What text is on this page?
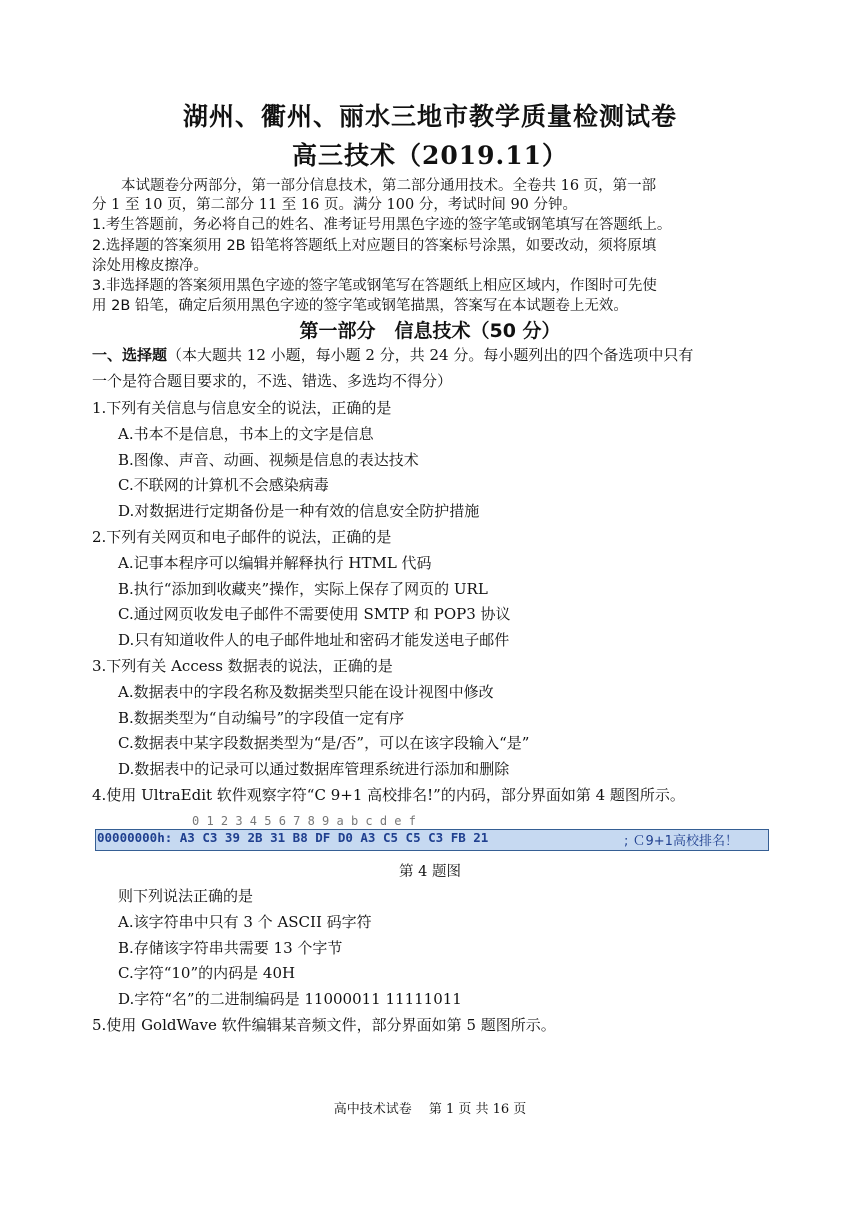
湖州、衢州、丽水三地市教学质量检测试卷
高三技术（2019.11）
　　本试题卷分两部分，第一部分信息技术，第二部分通用技术。全卷共 16 页，第一部
分 1 至 10 页，第二部分 11 至 16 页。满分 100 分，考试时间 90 分钟。
1.考生答题前，务必将自己的姓名、准考证号用黑色字迹的签字笔或钢笔填写在答题纸上。
2.选择题的答案须用 2B 铅笔将答题纸上对应题目的答案标号涂黑，如要改动，须将原填
涂处用橡皮擦净。
3.非选择题的答案须用黑色字迹的签字笔或钢笔写在答题纸上相应区域内，作图时可先使
用 2B 铅笔，确定后须用黑色字迹的签字笔或钢笔描黑，答案写在本试题卷上无效。
第一部分　信息技术（50 分）
一、选择题（本大题共 12 小题，每小题 2 分，共 24 分。每小题列出的四个备选项中只有
一个是符合题目要求的，不选、错选、多选均不得分）
1.下列有关信息与信息安全的说法，正确的是
A.书本不是信息，书本上的文字是信息
B.图像、声音、动画、视频是信息的表达技术
C.不联网的计算机不会感染病毒
D.对数据进行定期备份是一种有效的信息安全防护措施
2.下列有关网页和电子邮件的说法，正确的是
A.记事本程序可以编辑并解释执行 HTML 代码
B.执行“添加到收藏夹”操作，实际上保存了网页的 URL
C.通过网页收发电子邮件不需要使用 SMTP 和 POP3 协议
D.只有知道收件人的电子邮件地址和密码才能发送电子邮件
3.下列有关 Access 数据表的说法，正确的是
A.数据表中的字段名称及数据类型只能在设计视图中修改
B.数据类型为“自动编号”的字段值一定有序
C.数据表中某字段数据类型为“是/否”，可以在该字段输入“是”
D.数据表中的记录可以通过数据库管理系统进行添加和删除
4.使用 UltraEdit 软件观察字符“C 9+1 高校排名!”的内码，部分界面如第 4 题图所示。
0 1 2 3 4 5 6 7 8 9 a b c d e f
00000000h: A3 C3 39 2B 31 B8 DF D0 A3 C5 C5 C3 FB 21	; Ｃ9+1高校排名！
第 4 题图
则下列说法正确的是
A.该字符串中只有 3 个 ASCII 码字符
B.存储该字符串共需要 13 个字节
C.字符“10”的内码是 40H
D.字符“名”的二进制编码是 11000011 11111011
5.使用 GoldWave 软件编辑某音频文件，部分界面如第 5 题图所示。
高中技术试卷　 第 1 页 共 16 页
